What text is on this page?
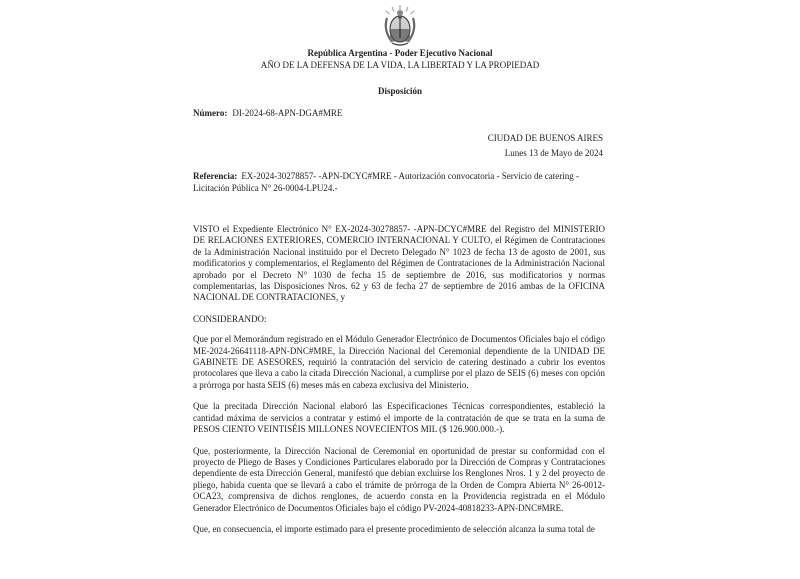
República Argentina - Poder Ejecutivo Nacional
AÑO DE LA DEFENSA DE LA VIDA, LA LIBERTAD Y LA PROPIEDAD
Disposición
Número: DI-2024-68-APN-DGA#MRE
CIUDAD DE BUENOS AIRES
Lunes 13 de Mayo de 2024
Referencia: EX-2024-30278857- -APN-DCYC#MRE - Autorización convocatoria - Servicio de catering - Licitación Pública N° 26-0004-LPU24.-

VISTO el Expediente Electrónico N° EX-2024-30278857- -APN-DCYC#MRE del Registro del MINISTERIO DE RELACIONES EXTERIORES, COMERCIO INTERNACIONAL Y CULTO, el Régimen de Contrataciones de la Administración Nacional instituido por el Decreto Delegado N° 1023 de fecha 13 de agosto de 2001, sus modificatorios y complementarios, el Reglamento del Régimen de Contrataciones de la Administración Nacional aprobado por el Decreto N° 1030 de fecha 15 de septiembre de 2016, sus modificatorios y normas complementarias, las Disposiciones Nros. 62 y 63 de fecha 27 de septiembre de 2016 ambas de la OFICINA NACIONAL DE CONTRATACIONES, y

CONSIDERANDO:

Que por el Memorándum registrado en el Módulo Generador Electrónico de Documentos Oficiales bajo el código ME-2024-26641118-APN-DNC#MRE, la Dirección Nacional del Ceremonial dependiente de la UNIDAD DE GABINETE DE ASESORES, requirió la contratación del servicio de catering destinado a cubrir los eventos protocolares que lleva a cabo la citada Dirección Nacional, a cumplirse por el plazo de SEIS (6) meses con opción a prórroga por hasta SEIS (6) meses más en cabeza exclusiva del Ministerio.

Que la precitada Dirección Nacional elaboró las Especificaciones Técnicas correspondientes, estableció la cantidad máxima de servicios a contratar y estimó el importe de la contratación de que se trata en la suma de PESOS CIENTO VEINTISÉIS MILLONES NOVECIENTOS MIL ($ 126.900.000.-).

Que, posteriormente, la Dirección Nacional de Ceremonial en oportunidad de prestar su conformidad con el proyecto de Pliego de Bases y Condiciones Particulares elaborado por la Dirección de Compras y Contrataciones dependiente de esta Dirección General, manifestó que debían excluirse los Renglones Nros. 1 y 2 del proyecto de pliego, habida cuenta que se llevará a cabo el trámite de prórroga de la Orden de Compra Abierta N° 26-0012-OCA23, comprensiva de dichos renglones, de acuerdo consta en la Providencia registrada en el Módulo Generador Electrónico de Documentos Oficiales bajo el código PV-2024-40818233-APN-DNC#MRE.

Que, en consecuencia, el importe estimado para el presente procedimiento de selección alcanza la suma total de
